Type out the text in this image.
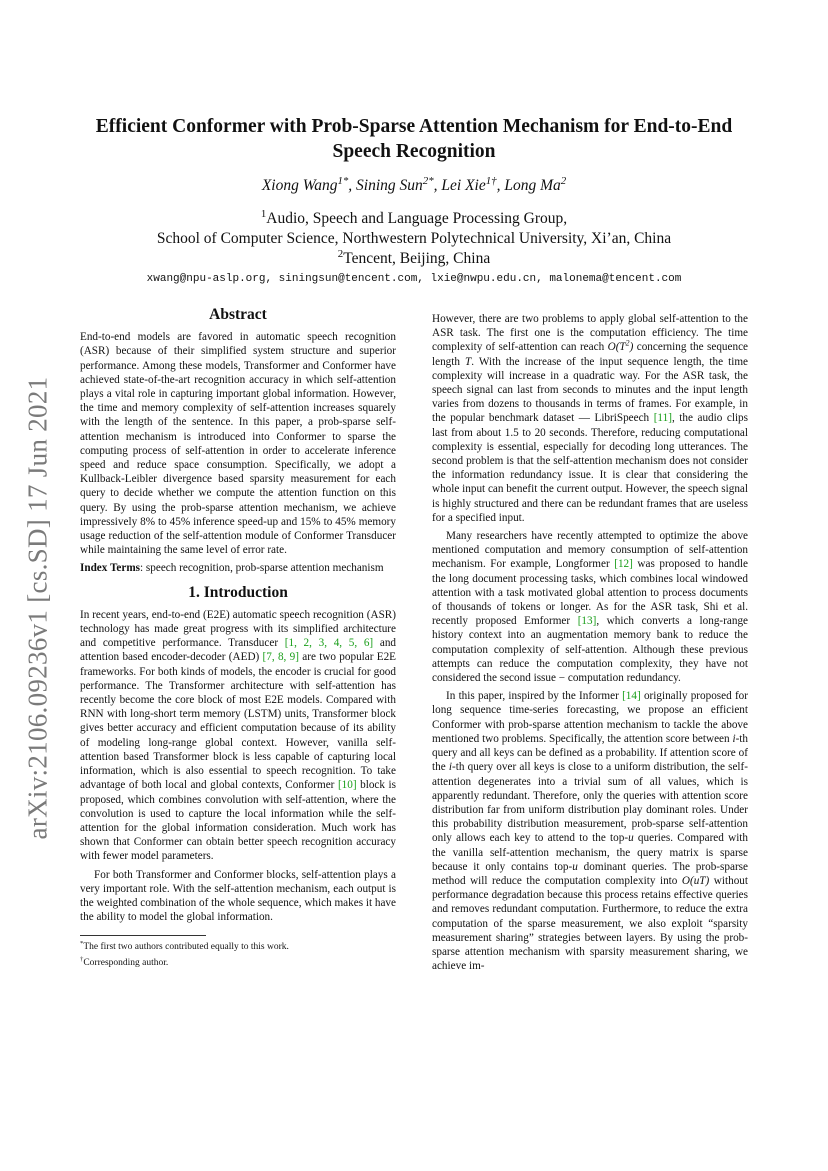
arXiv:2106.09236v1 [cs.SD] 17 Jun 2021
Efficient Conformer with Prob-Sparse Attention Mechanism for End-to-End Speech Recognition
Xiong Wang$^{1*}$, Sining Sun$^{2*}$, Lei Xie$^{1\dagger}$, Long Ma$^2$
$^1$Audio, Speech and Language Processing Group,
School of Computer Science, Northwestern Polytechnical University, Xi’an, China
$^2$Tencent, Beijing, China
xwang@npu-aslp.org, siningsun@tencent.com, lxie@nwpu.edu.cn, malonema@tencent.com
Abstract

End-to-end models are favored in automatic speech recognition (ASR) because of their simplified system structure and superior performance. Among these models, Transformer and Conformer have achieved state-of-the-art recognition accuracy in which self-attention plays a vital role in capturing important global information. However, the time and memory complexity of self-attention increases squarely with the length of the sentence. In this paper, a prob-sparse self-attention mechanism is introduced into Conformer to sparse the computing process of self-attention in order to accelerate inference speed and reduce space consumption. Specifically, we adopt a Kullback-Leibler divergence based sparsity measurement for each query to decide whether we compute the attention function on this query. By using the prob-sparse attention mechanism, we achieve impressively 8% to 45% inference speed-up and 15% to 45% memory usage reduction of the self-attention module of Conformer Transducer while maintaining the same level of error rate.

Index Terms: speech recognition, prob-sparse attention mechanism

1. Introduction

In recent years, end-to-end (E2E) automatic speech recognition (ASR) technology has made great progress with its simplified architecture and competitive performance. Transducer [1, 2, 3, 4, 5, 6] and attention based encoder-decoder (AED) [7, 8, 9] are two popular E2E frameworks. For both kinds of models, the encoder is crucial for good performance. The Transformer architecture with self-attention has recently become the core block of most E2E models. Compared with RNN with long-short term memory (LSTM) units, Transformer block gives better accuracy and efficient computation because of its ability of modeling long-range global context. However, vanilla self-attention based Transformer block is less capable of capturing local information, which is also essential to speech recognition. To take advantage of both local and global contexts, Conformer [10] block is proposed, which combines convolution with self-attention, where the convolution is used to capture the local information while the self-attention for the global information consideration. Much work has shown that Conformer can obtain better speech recognition accuracy with fewer model parameters.

For both Transformer and Conformer blocks, self-attention plays a very important role. With the self-attention mechanism, each output is the weighted combination of the whole sequence, which makes it have the ability to model the global information.

*The first two authors contributed equally to this work.

†Corresponding author.

However, there are two problems to apply global self-attention to the ASR task. The first one is the computation efficiency. The time complexity of self-attention can reach $O(T^2)$ concerning the sequence length T. With the increase of the input sequence length, the time complexity will increase in a quadratic way. For the ASR task, the speech signal can last from seconds to minutes and the input length varies from dozens to thousands in terms of frames. For example, in the popular benchmark dataset — LibriSpeech [11], the audio clips last from about 1.5 to 20 seconds. Therefore, reducing computational complexity is essential, especially for decoding long utterances. The second problem is that the self-attention mechanism does not consider the information redundancy issue. It is clear that considering the whole input can benefit the current output. However, the speech signal is highly structured and there can be redundant frames that are useless for a specified input.

Many researchers have recently attempted to optimize the above mentioned computation and memory consumption of self-attention mechanism. For example, Longformer [12] was proposed to handle the long document processing tasks, which combines local windowed attention with a task motivated global attention to process documents of thousands of tokens or longer. As for the ASR task, Shi et al. recently proposed Emformer [13], which converts a long-range history context into an augmentation memory bank to reduce the computation complexity of self-attention. Although these previous attempts can reduce the computation complexity, they have not considered the second issue − computation redundancy.

In this paper, inspired by the Informer [14] originally proposed for long sequence time-series forecasting, we propose an efficient Conformer with prob-sparse attention mechanism to tackle the above mentioned two problems. Specifically, the attention score between i-th query and all keys can be defined as a probability. If attention score of the i-th query over all keys is close to a uniform distribution, the self-attention degenerates into a trivial sum of all values, which is apparently redundant. Therefore, only the queries with attention score distribution far from uniform distribution play dominant roles. Under this probability distribution measurement, prob-sparse self-attention only allows each key to attend to the top-u queries. Compared with the vanilla self-attention mechanism, the query matrix is sparse because it only contains top-u dominant queries. The prob-sparse method will reduce the computation complexity into O(uT) without performance degradation because this process retains effective queries and removes redundant computation. Furthermore, to reduce the extra computation of the sparse measurement, we also exploit “sparsity measurement sharing” strategies between layers. By using the prob-sparse attention mechanism with sparsity measurement sharing, we achieve im-
